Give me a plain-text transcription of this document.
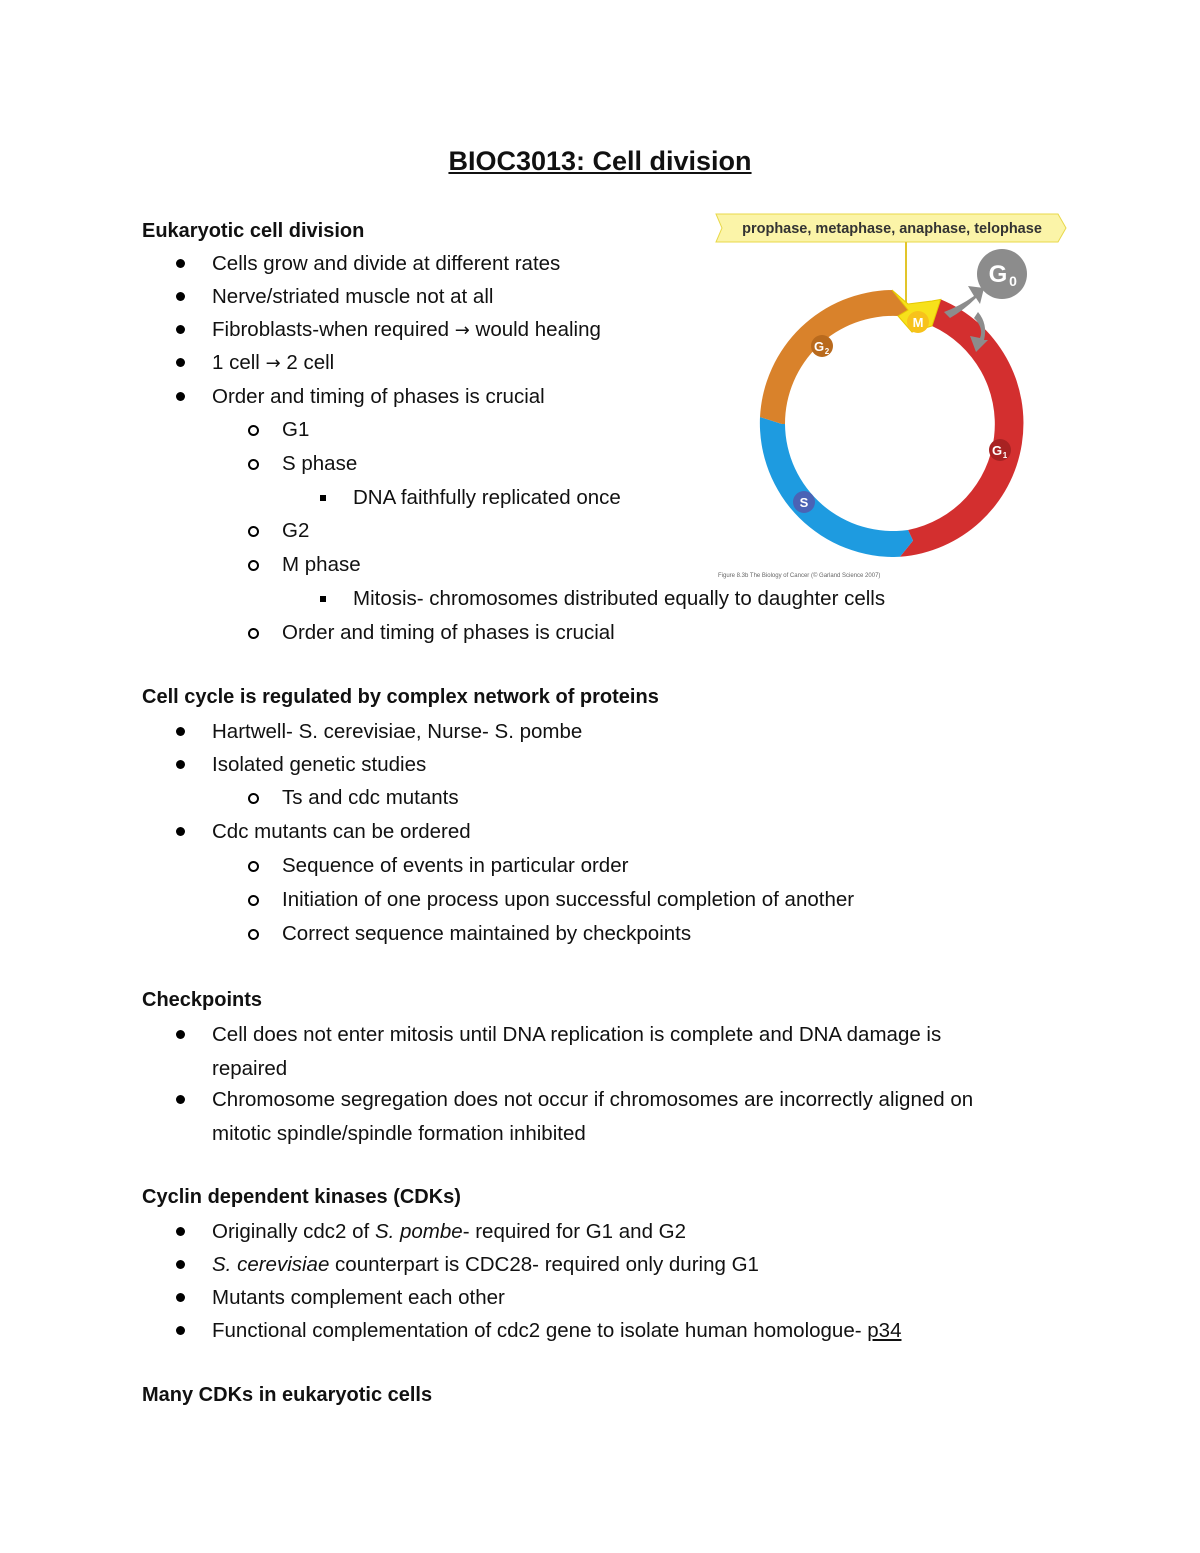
BIOC3013: Cell division
Eukaryotic cell division
Cells grow and divide at different rates
Nerve/striated muscle not at all
Fibroblasts-when required → would healing
1 cell → 2 cell
Order and timing of phases is crucial
G1
S phase
DNA faithfully replicated once
G2
M phase
Mitosis- chromosomes distributed equally to daughter cells
Order and timing of phases is crucial
prophase, metaphase, anaphase, telophase
G 0
M
G 2
G 1
S
Figure 8.3b The Biology of Cancer (© Garland Science 2007)
Cell cycle is regulated by complex network of proteins
Hartwell- S. cerevisiae, Nurse- S. pombe
Isolated genetic studies
Ts and cdc mutants
Cdc mutants can be ordered
Sequence of events in particular order
Initiation of one process upon successful completion of another
Correct sequence maintained by checkpoints
Checkpoints
Cell does not enter mitosis until DNA replication is complete and DNA damage is repaired
Chromosome segregation does not occur if chromosomes are incorrectly aligned on mitotic spindle/spindle formation inhibited
Cyclin dependent kinases (CDKs)
Originally cdc2 of S. pombe- required for G1 and G2
S. cerevisiae counterpart is CDC28- required only during G1
Mutants complement each other
Functional complementation of cdc2 gene to isolate human homologue- p34
Many CDKs in eukaryotic cells
